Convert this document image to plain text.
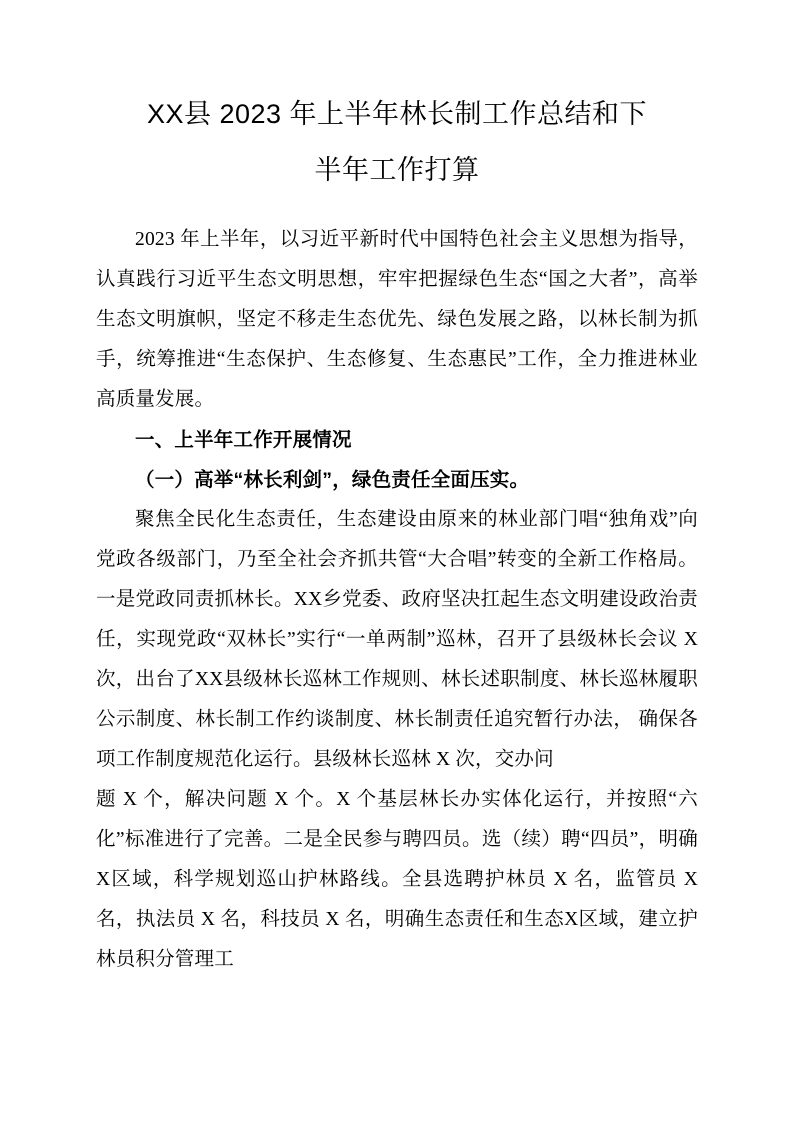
XX县 2023 年上半年林长制工作总结和下
半年工作打算

2023 年上半年，以习近平新时代中国特色社会主义思想为指导，认真践行习近平生态文明思想，牢牢把握绿色生态“国之大者”，高举生态文明旗帜，坚定不移走生态优先、绿色发展之路，以林长制为抓手，统筹推进“生态保护、生态修复、生态惠民”工作，全力推进林业高质量发展。

一、上半年工作开展情况

（一）高举“林长利剑”，绿色责任全面压实。

聚焦全民化生态责任，生态建设由原来的林业部门唱“独角戏”向党政各级部门，乃至全社会齐抓共管“大合唱”转变的全新工作格局。一是党政同责抓林长。XX乡党委、政府坚决扛起生态文明建设政治责任，实现党政“双林长”实行“一单两制”巡林，召开了县级林长会议 X 次，出台了XX县级林长巡林工作规则、林长述职制度、林长巡林履职公示制度、林长制工作约谈制度、林长制责任追究暂行办法， 确保各项工作制度规范化运行。县级林长巡林 X 次，交办问

题 X 个，解决问题 X 个。X 个基层林长办实体化运行，并按照“六化”标准进行了完善。二是全民参与聘四员。选（续）聘“四员”，明确X区域，科学规划巡山护林路线。全县选聘护林员 X 名，监管员 X 名，执法员 X 名，科技员 X 名，明确生态责任和生态X区域，建立护林员积分管理工
